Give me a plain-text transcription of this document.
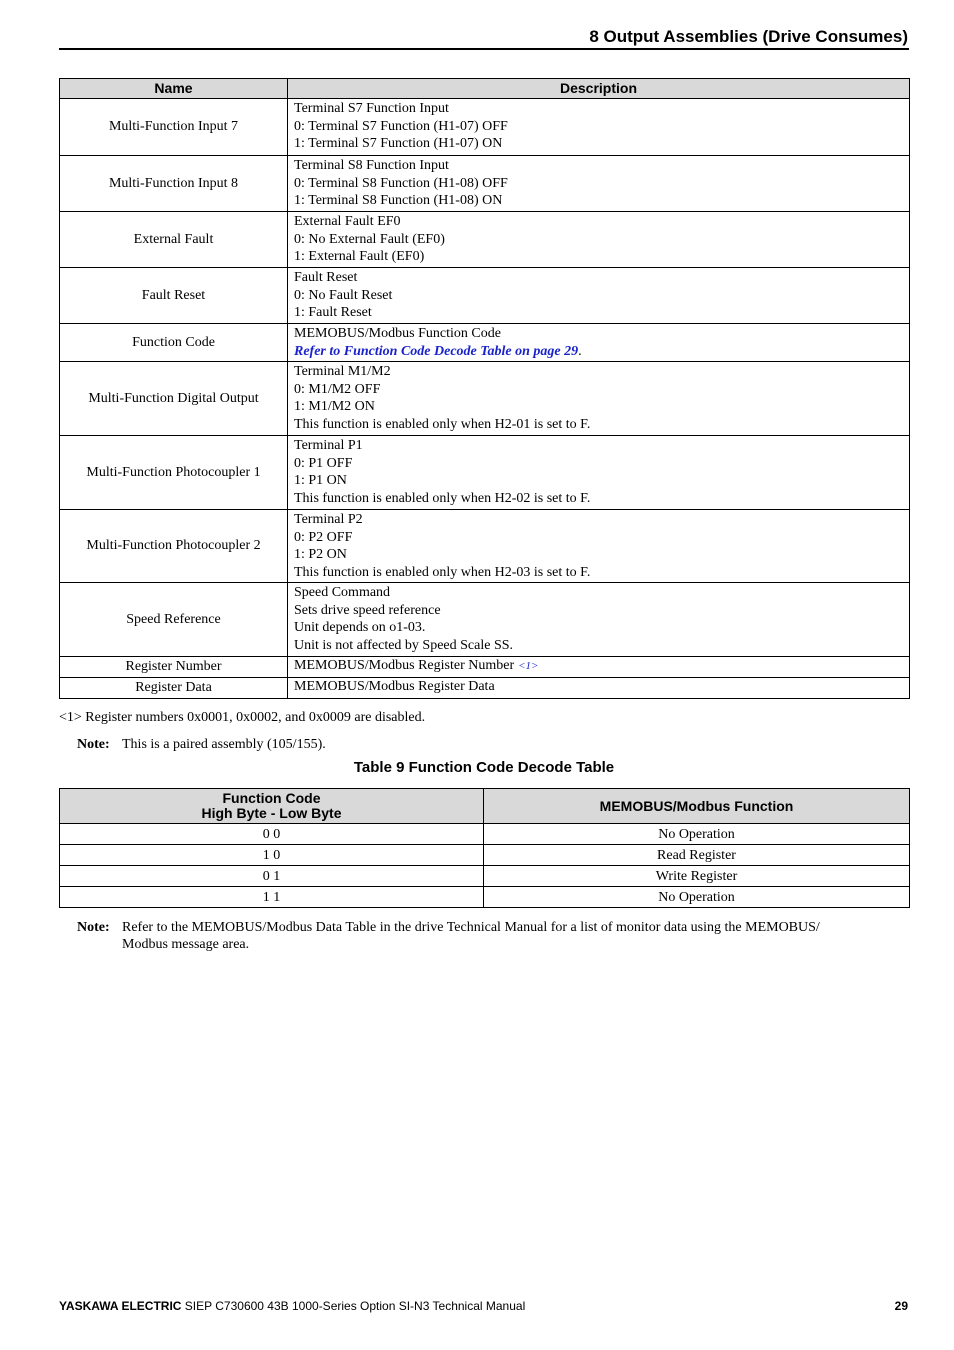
8 Output Assemblies (Drive Consumes)
Name	Description
Multi-Function Input 7	Terminal S7 Function Input
0: Terminal S7 Function (H1-07) OFF
1: Terminal S7 Function (H1-07) ON

Multi-Function Input 8	Terminal S8 Function Input
0: Terminal S8 Function (H1-08) OFF
1: Terminal S8 Function (H1-08) ON

External Fault	External Fault EF0
0: No External Fault (EF0)
1: External Fault (EF0)

Fault Reset	Fault Reset
0: No Fault Reset
1: Fault Reset

Function Code	MEMOBUS/Modbus Function Code
Refer to Function Code Decode Table on page 29.

Multi-Function Digital Output	Terminal M1/M2
0: M1/M2 OFF
1: M1/M2 ON
This function is enabled only when H2-01 is set to F.

Multi-Function Photocoupler 1	Terminal P1
0: P1 OFF
1: P1 ON
This function is enabled only when H2-02 is set to F.

Multi-Function Photocoupler 2	Terminal P2
0: P2 OFF
1: P2 ON
This function is enabled only when H2-03 is set to F.

Speed Reference	Speed Command
Sets drive speed reference
Unit depends on o1-03.
Unit is not affected by Speed Scale SS.

Register Number	MEMOBUS/Modbus Register Number <1>
Register Data	MEMOBUS/Modbus Register Data
<1> Register numbers 0x0001, 0x0002, and 0x0009 are disabled.
Note: This is a paired assembly (105/155).
Table 9 Function Code Decode Table
Function Code
High Byte - Low Byte	MEMOBUS/Modbus Function
0 0	No Operation
1 0	Read Register
0 1	Write Register
1 1	No Operation
Note: Refer to the MEMOBUS/Modbus Data Table in the drive Technical Manual for a list of monitor data using the MEMOBUS/
Modbus message area.
YASKAWA ELECTRIC SIEP C730600 43B 1000-Series Option SI-N3 Technical Manual	29
